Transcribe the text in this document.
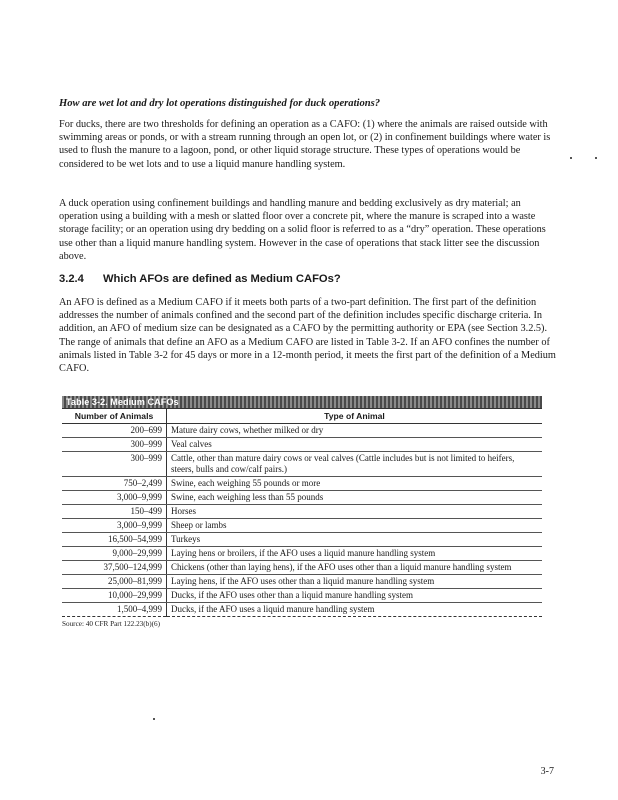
How are wet lot and dry lot operations distinguished for duck operations?

For ducks, there are two thresholds for defining an operation as a CAFO: (1) where the animals are raised outside with swimming areas or ponds, or with a stream running through an open lot, or (2) in confinement buildings where water is used to flush the manure to a lagoon, pond, or other liquid storage structure. These types of operations would be considered to be wet lots and to use a liquid manure handling system.

A duck operation using confinement buildings and handling manure and bedding exclusively as dry material; an operation using a building with a mesh or slatted floor over a concrete pit, where the manure is scraped into a waste storage facility; or an operation using dry bedding on a solid floor is referred to as a “dry” operation. These operations use other than a liquid manure handling system. However in the case of operations that stack litter see the discussion above.

3.2.4 Which AFOs are defined as Medium CAFOs?

An AFO is defined as a Medium CAFO if it meets both parts of a two-part definition. The first part of the definition addresses the number of animals confined and the second part of the definition includes specific discharge criteria. In addition, an AFO of medium size can be designated as a CAFO by the permitting authority or EPA (see Section 3.2.5). The range of animals that define an AFO as a Medium CAFO are listed in Table 3-2. If an AFO confines the number of animals listed in Table 3-2 for 45 days or more in a 12-month period, it meets the first part of the definition of a Medium CAFO.

Table 3-2. Medium CAFOs
Number of Animals	Type of Animal
200–699	Mature dairy cows, whether milked or dry
300–999	Veal calves
300–999	Cattle, other than mature dairy cows or veal calves (Cattle includes but is not limited to heifers, steers, bulls and cow/calf pairs.)
750–2,499	Swine, each weighing 55 pounds or more
3,000–9,999	Swine, each weighing less than 55 pounds
150–499	Horses
3,000–9,999	Sheep or lambs
16,500–54,999	Turkeys
9,000–29,999	Laying hens or broilers, if the AFO uses a liquid manure handling system
37,500–124,999	Chickens (other than laying hens), if the AFO uses other than a liquid manure handling system
25,000–81,999	Laying hens, if the AFO uses other than a liquid manure handling system
10,000–29,999	Ducks, if the AFO uses other than a liquid manure handling system
1,500–4,999	Ducks, if the AFO uses a liquid manure handling system
Source: 40 CFR Part 122.23(b)(6)
3-7
